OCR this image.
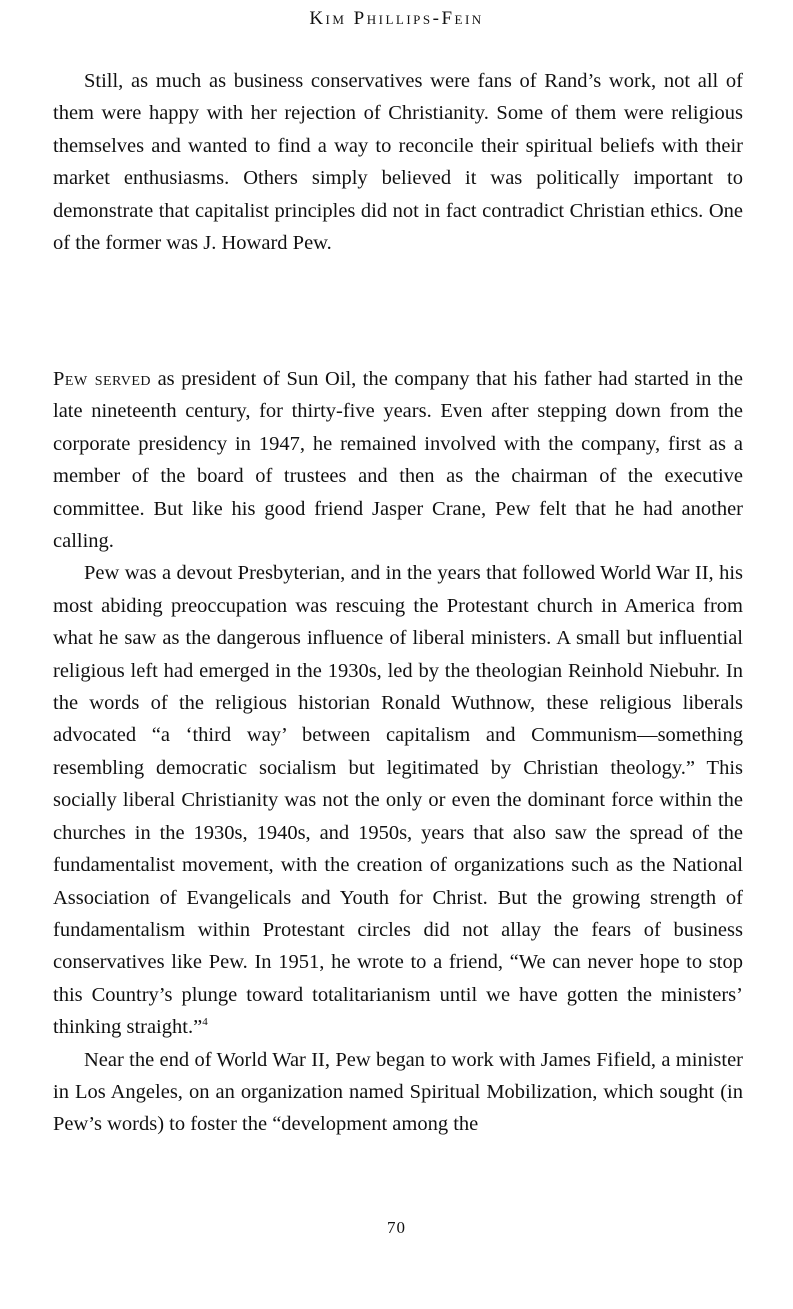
Kim Phillips-Fein

Still, as much as business conservatives were fans of Rand’s work, not all of them were happy with her rejection of Christianity. Some of them were religious themselves and wanted to find a way to reconcile their spiritual beliefs with their market enthusiasms. Others simply believed it was politically important to demonstrate that capitalist principles did not in fact contradict Christian ethics. One of the former was J. Howard Pew.

Pew served as president of Sun Oil, the company that his father had started in the late nineteenth century, for thirty-five years. Even after stepping down from the corporate presidency in 1947, he remained involved with the company, first as a member of the board of trustees and then as the chairman of the executive committee. But like his good friend Jasper Crane, Pew felt that he had another calling.

Pew was a devout Presbyterian, and in the years that followed World War II, his most abiding preoccupation was rescuing the Protestant church in America from what he saw as the dangerous influence of liberal ministers. A small but influential religious left had emerged in the 1930s, led by the theologian Reinhold Niebuhr. In the words of the religious historian Ronald Wuthnow, these religious liberals advocated “a ‘third way’ between capitalism and Communism—something resembling democratic socialism but legitimated by Christian theology.” This socially liberal Christianity was not the only or even the dominant force within the churches in the 1930s, 1940s, and 1950s, years that also saw the spread of the fundamentalist movement, with the creation of organizations such as the National Association of Evangelicals and Youth for Christ. But the growing strength of fundamentalism within Protestant circles did not allay the fears of business conservatives like Pew. In 1951, he wrote to a friend, “We can never hope to stop this Country’s plunge toward totalitarianism until we have gotten the ministers’ thinking straight.”$^4$

Near the end of World War II, Pew began to work with James Fifield, a minister in Los Angeles, on an organization named Spiritual Mobilization, which sought (in Pew’s words) to foster the “development among the

70
